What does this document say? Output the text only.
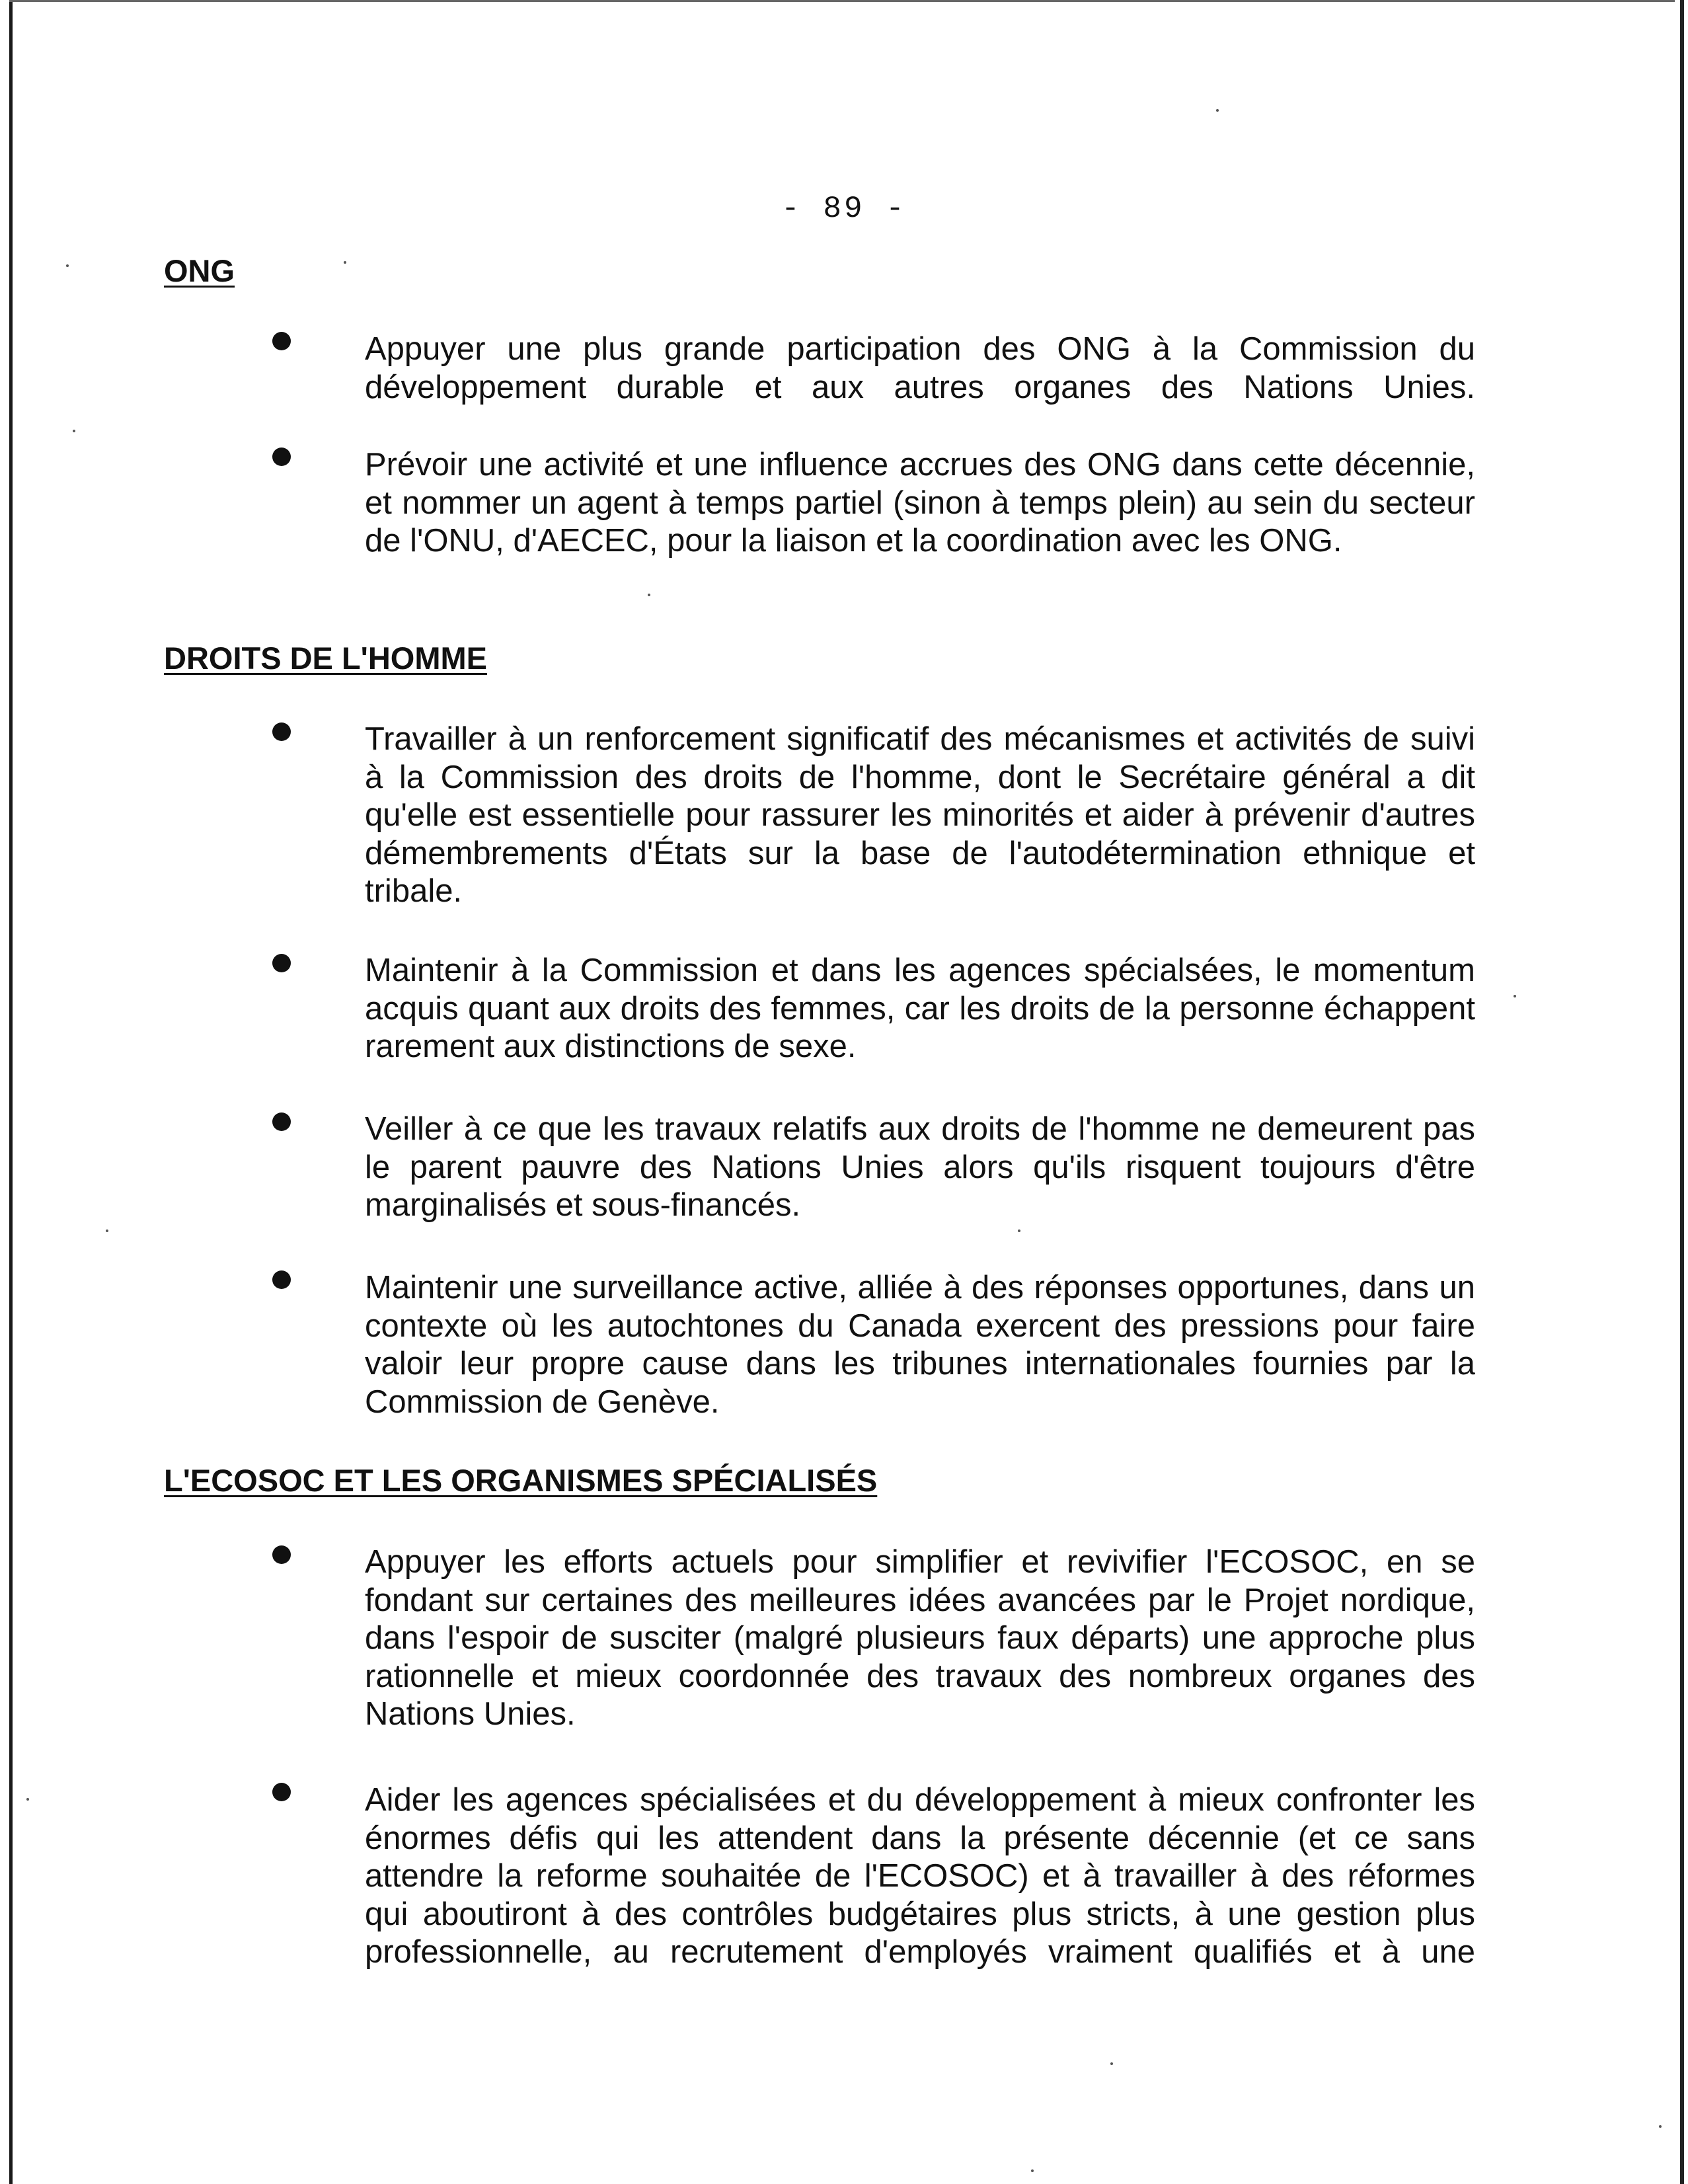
- 89 -
ONG
Appuyer une plus grande participation des ONG à la Commission du développement durable et aux autres organes des Nations Unies.
Prévoir une activité et une influence accrues des ONG dans cette décennie, et nommer un agent à temps partiel (sinon à temps plein) au sein du secteur de l'ONU, d'AECEC, pour la liaison et la coordination avec les ONG.
DROITS DE L'HOMME
Travailler à un renforcement significatif des mécanismes et activités de suivi à la Commission des droits de l'homme, dont le Secrétaire général a dit qu'elle est essentielle pour rassurer les minorités et aider à prévenir d'autres démembrements d'États sur la base de l'autodétermination ethnique et tribale.
Maintenir à la Commission et dans les agences spécialsées, le momentum acquis quant aux droits des femmes, car les droits de la personne échappent rarement aux distinctions de sexe.
Veiller à ce que les travaux relatifs aux droits de l'homme ne demeurent pas le parent pauvre des Nations Unies alors qu'ils risquent toujours d'être marginalisés et sous-financés.
Maintenir une surveillance active, alliée à des réponses opportunes, dans un contexte où les autochtones du Canada exercent des pressions pour faire valoir leur propre cause dans les tribunes internationales fournies par la Commission de Genève.
L'ECOSOC ET LES ORGANISMES SPÉCIALISÉS
Appuyer les efforts actuels pour simplifier et revivifier l'ECOSOC, en se fondant sur certaines des meilleures idées avancées par le Projet nordique, dans l'espoir de susciter (malgré plusieurs faux départs) une approche plus rationnelle et mieux coordonnée des travaux des nombreux organes des Nations Unies.
Aider les agences spécialisées et du développement à mieux confronter les énormes défis qui les attendent dans la présente décennie (et ce sans attendre la reforme souhaitée de l'ECOSOC) et à travailler à des réformes qui aboutiront à des contrôles budgétaires plus stricts, à une gestion plus professionnelle, au recrutement d'employés vraiment qualifiés et à une
